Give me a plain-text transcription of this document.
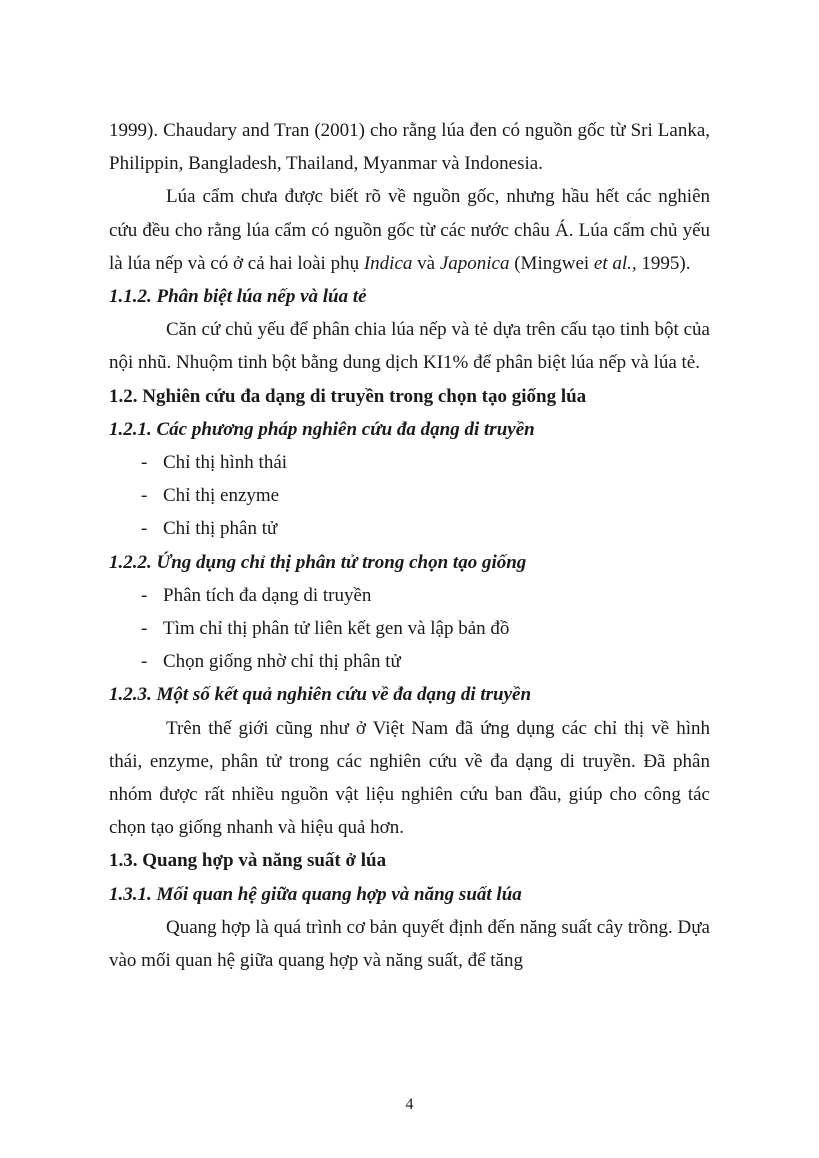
1999). Chaudary and Tran (2001) cho rằng lúa đen có nguồn gốc từ Sri Lanka, Philippin, Bangladesh, Thailand, Myanmar và Indonesia.

Lúa cẩm chưa được biết rõ về nguồn gốc, nhưng hầu hết các nghiên cứu đều cho rằng lúa cẩm có nguồn gốc từ các nước châu Á. Lúa cẩm chủ yếu là lúa nếp và có ở cả hai loài phụ Indica và Japonica (Mingwei et al., 1995).

1.1.2. Phân biệt lúa nếp và lúa tẻ

Căn cứ chủ yếu để phân chia lúa nếp và tẻ dựa trên cấu tạo tinh bột của nội nhũ. Nhuộm tinh bột bằng dung dịch KI1% để phân biệt lúa nếp và lúa tẻ.

1.2. Nghiên cứu đa dạng di truyền trong chọn tạo giống lúa
1.2.1. Các phương pháp nghiên cứu đa dạng di truyền
- Chỉ thị hình thái
- Chỉ thị enzyme
- Chỉ thị phân tử
1.2.2. Ứng dụng chỉ thị phân tử trong chọn tạo giống
- Phân tích đa dạng di truyền
- Tìm chỉ thị phân tử liên kết gen và lập bản đồ
- Chọn giống nhờ chỉ thị phân tử
1.2.3. Một số kết quả nghiên cứu về đa dạng di truyền

Trên thế giới cũng như ở Việt Nam đã ứng dụng các chỉ thị về hình thái, enzyme, phân tử trong các nghiên cứu về đa dạng di truyền. Đã phân nhóm được rất nhiều nguồn vật liệu nghiên cứu ban đầu, giúp cho công tác chọn tạo giống nhanh và hiệu quả hơn.

1.3. Quang hợp và năng suất ở lúa
1.3.1. Mối quan hệ giữa quang hợp và năng suất lúa

Quang hợp là quá trình cơ bản quyết định đến năng suất cây trồng. Dựa vào mối quan hệ giữa quang hợp và năng suất, để tăng

4
